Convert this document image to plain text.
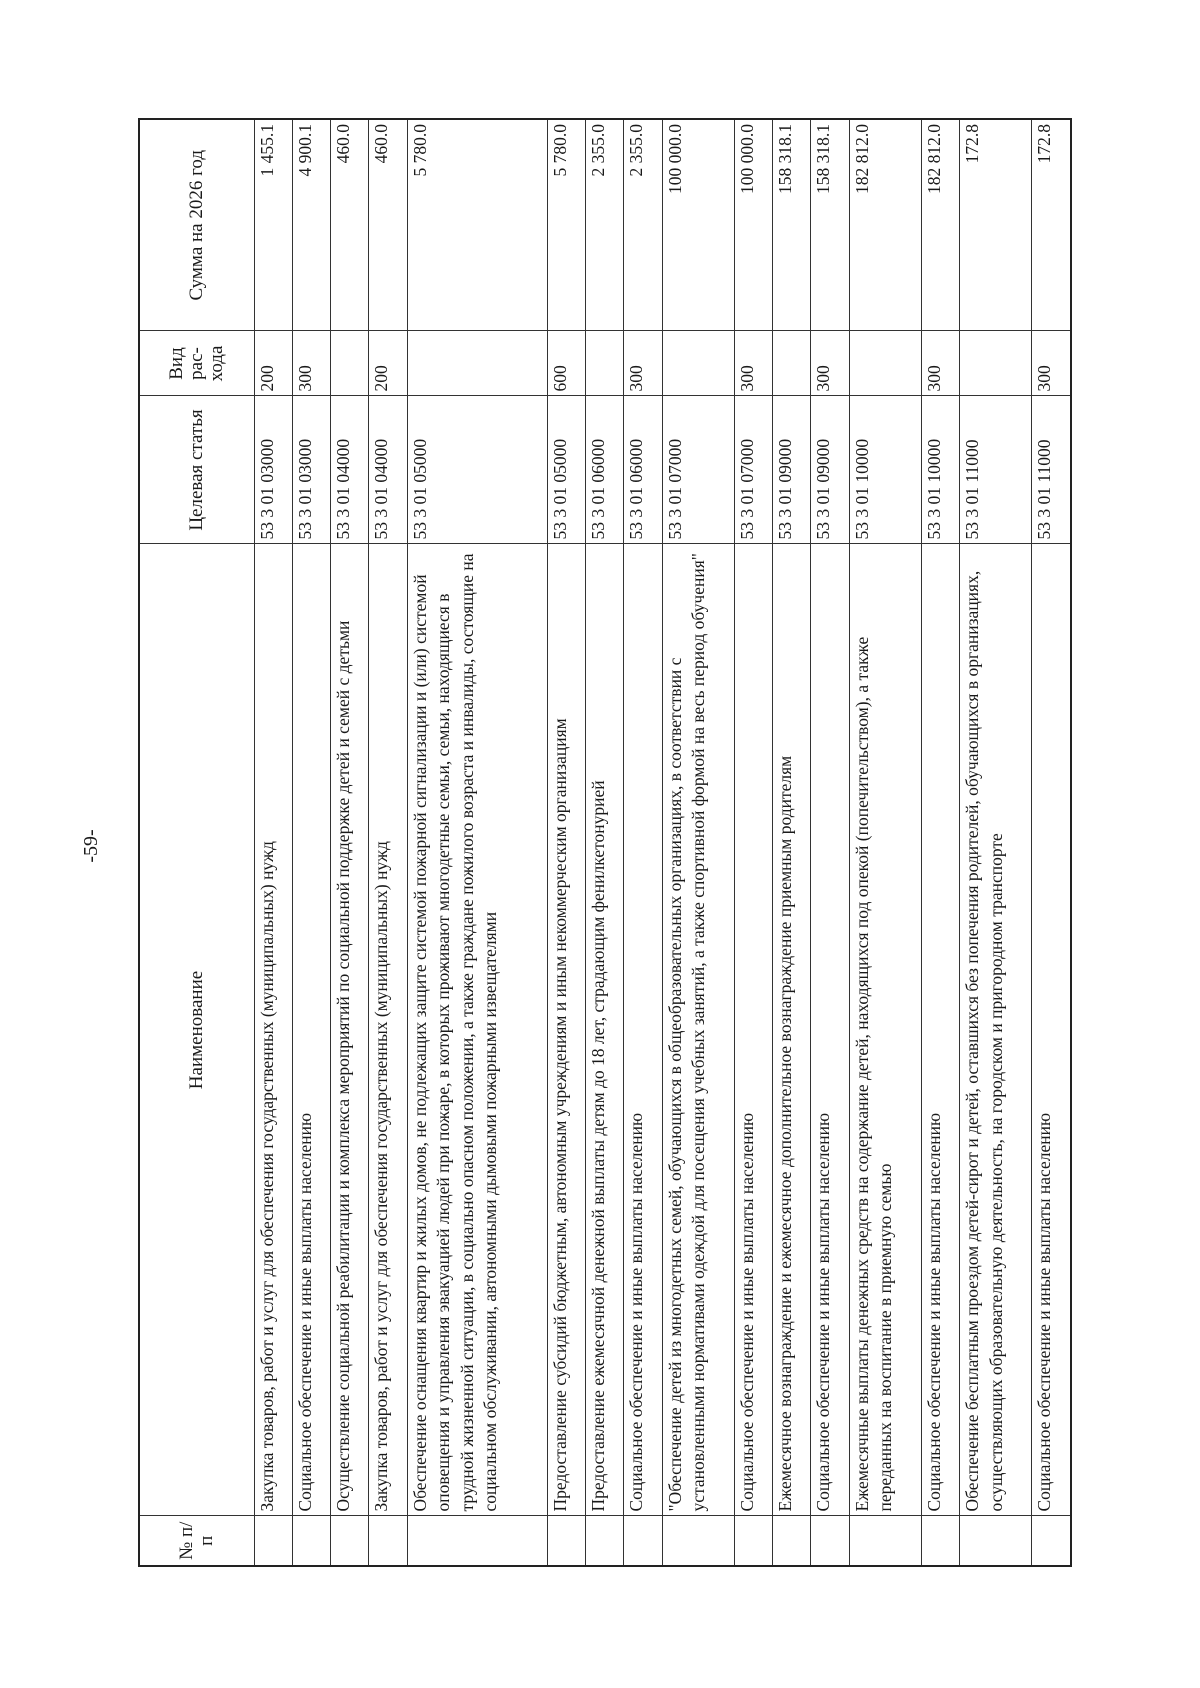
-59-
№ п/п	Наименование	Целевая статья	Вид рас-хода	Сумма на 2026 год
	Закупка товаров, работ и услуг для обеспечения государственных (муниципальных) нужд	53 3 01 03000	200	1 455.1
	Социальное обеспечение и иные выплаты населению	53 3 01 03000	300	4 900.1
	Осуществление социальной реабилитации и комплекса мероприятий по социальной поддержке детей и семей с детьми	53 3 01 04000		460.0
	Закупка товаров, работ и услуг для обеспечения государственных (муниципальных) нужд	53 3 01 04000	200	460.0
	Обеспечение оснащения квартир и жилых домов, не подлежащих защите системой пожарной сигнализации и (или) системой оповещения и управления эвакуацией людей при пожаре, в которых проживают многодетные семьи, семьи, находящиеся в трудной жизненной ситуации, в социально опасном положении, а также граждане пожилого возраста и инвалиды, состоящие на социальном обслуживании, автономными дымовыми пожарными извещателями	53 3 01 05000		5 780.0
	Предоставление субсидий бюджетным, автономным учреждениям и иным некоммерческим организациям	53 3 01 05000	600	5 780.0
	Предоставление ежемесячной денежной выплаты детям до 18 лет, страдающим фенилкетонурией	53 3 01 06000		2 355.0
	Социальное обеспечение и иные выплаты населению	53 3 01 06000	300	2 355.0
	"Обеспечение детей из многодетных семей, обучающихся в общеобразовательных организациях, в соответствии с установленными нормативами одеждой для посещения учебных занятий, а также спортивной формой на весь период обучения"	53 3 01 07000		100 000.0
	Социальное обеспечение и иные выплаты населению	53 3 01 07000	300	100 000.0
	Ежемесячное вознаграждение и ежемесячное дополнительное вознаграждение приемным родителям	53 3 01 09000		158 318.1
	Социальное обеспечение и иные выплаты населению	53 3 01 09000	300	158 318.1
	Ежемесячные выплаты денежных средств на содержание детей, находящихся под опекой (попечительством), а также переданных на воспитание в приемную семью	53 3 01 10000		182 812.0
	Социальное обеспечение и иные выплаты населению	53 3 01 10000	300	182 812.0
	Обеспечение бесплатным проездом детей-сирот и детей, оставшихся без попечения родителей, обучающихся в организациях, осуществляющих образовательную деятельность, на городском и пригородном транспорте	53 3 01 11000		172.8
	Социальное обеспечение и иные выплаты населению	53 3 01 11000	300	172.8
